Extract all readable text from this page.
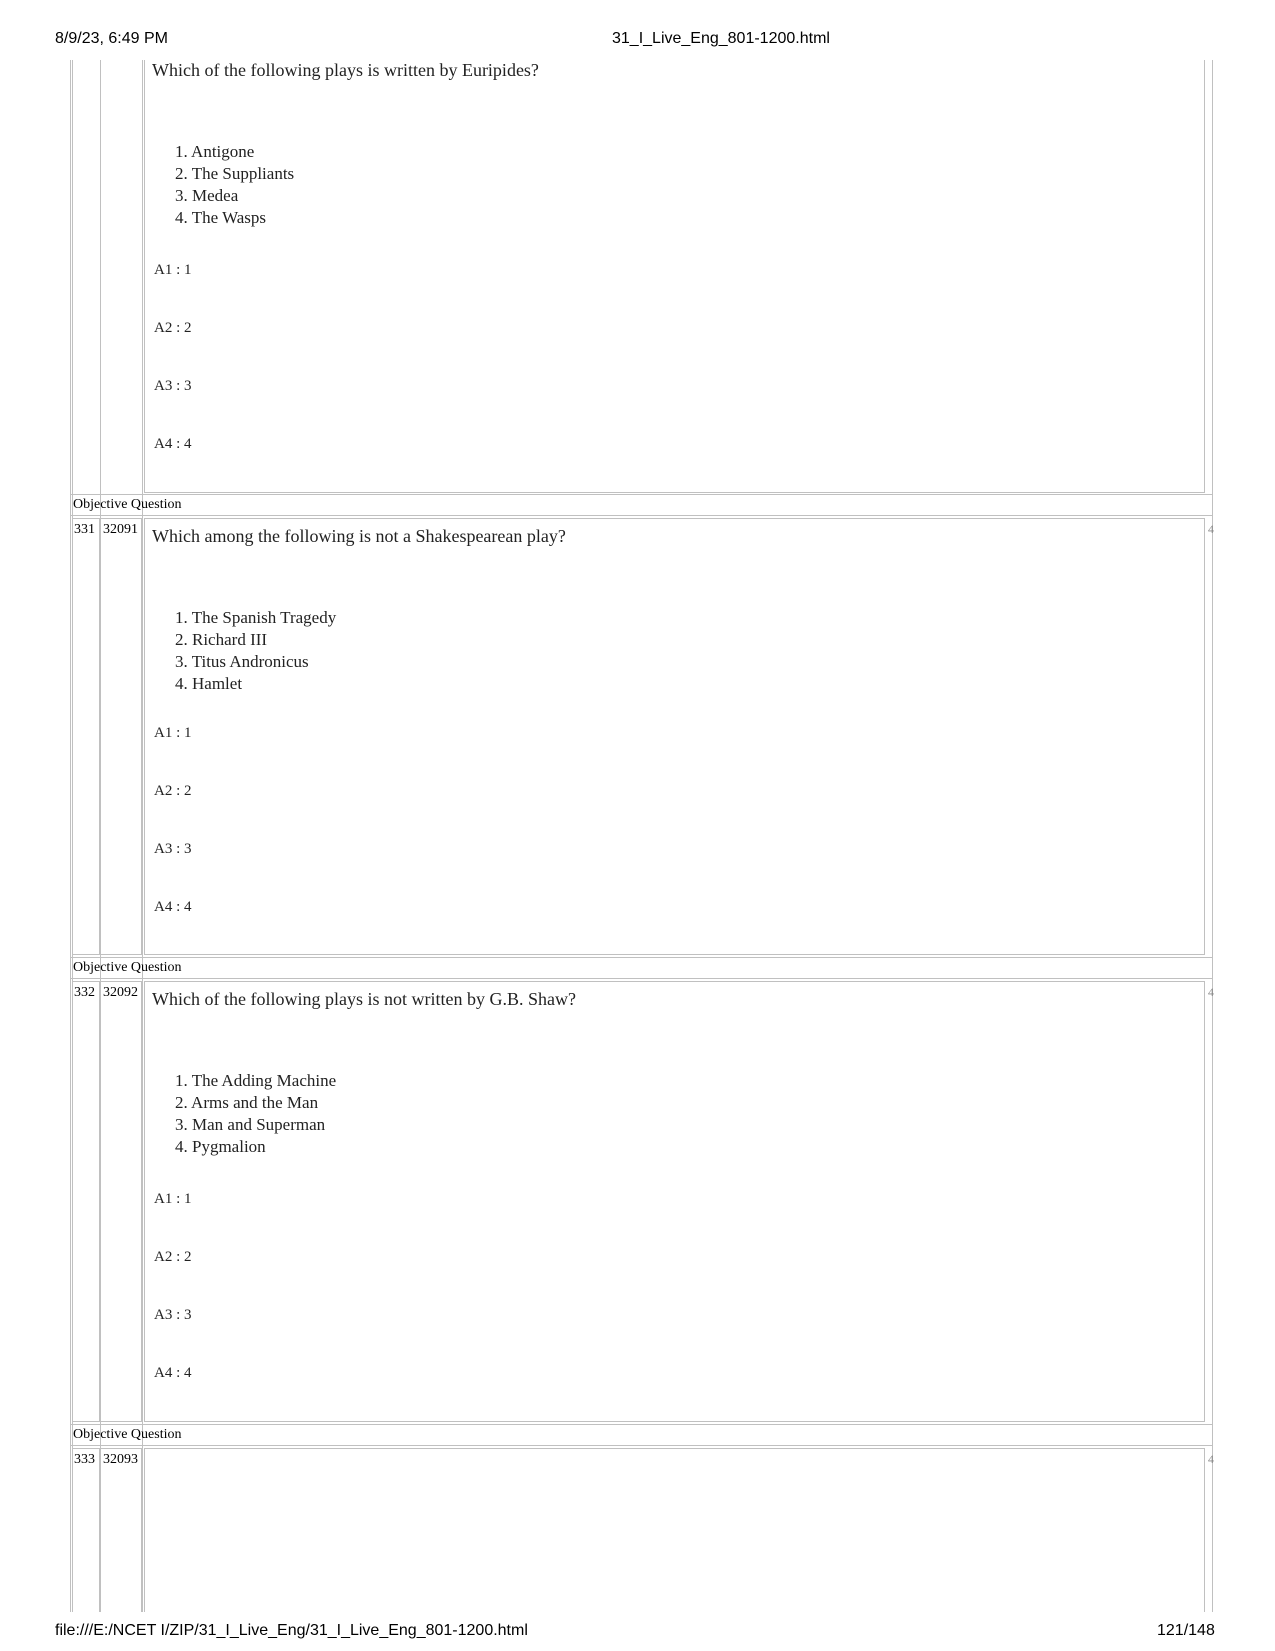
8/9/23, 6:49 PM	31_I_Live_Eng_801-1200.html
file:///E:/NCET I/ZIP/31_I_Live_Eng/31_I_Live_Eng_801-1200.html	121/148
Which of the following plays is written by Euripides?
1. Antigone
2. The Suppliants
3. Medea
4. The Wasps
A1 : 1
A2 : 2
A3 : 3
A4 : 4
Objective Question
331 32091	4
Which among the following is not a Shakespearean play?
1. The Spanish Tragedy
2. Richard III
3. Titus Andronicus
4. Hamlet
A1 : 1
A2 : 2
A3 : 3
A4 : 4
Objective Question
332 32092	4
Which of the following plays is not written by G.B. Shaw?
1. The Adding Machine
2. Arms and the Man
3. Man and Superman
4. Pygmalion
A1 : 1
A2 : 2
A3 : 3
A4 : 4
Objective Question
333 32093	4
